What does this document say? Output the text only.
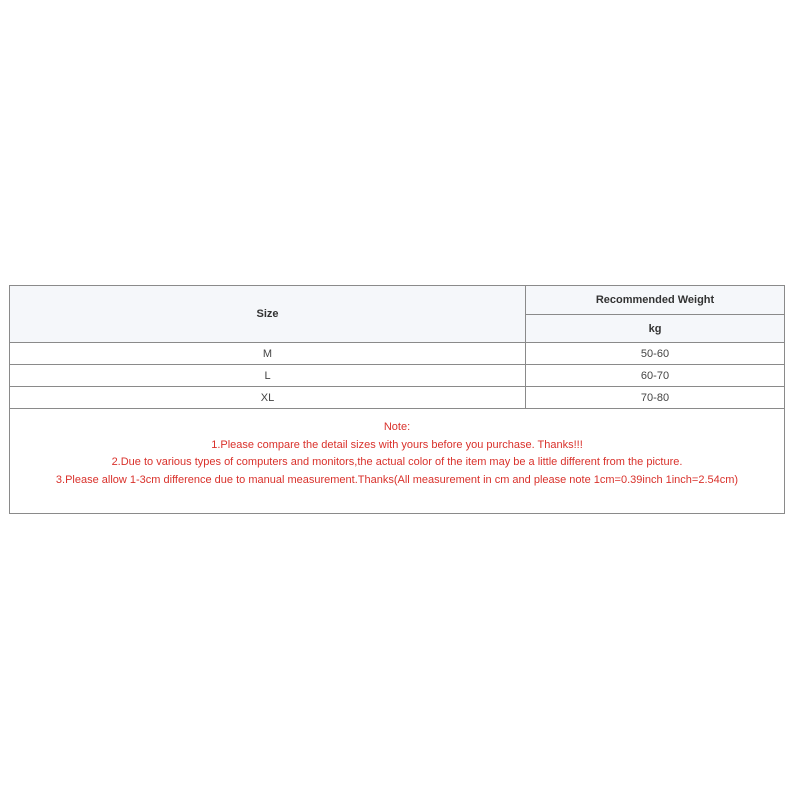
Size	Recommended Weight
	kg
M	50-60
L	60-70
XL	70-80

Note:
1.Please compare the detail sizes with yours before you purchase. Thanks!!!
2.Due to various types of computers and monitors,the actual color of the item may be a little different from the picture.
3.Please allow 1-3cm difference due to manual measurement.Thanks(All measurement in cm and please note 1cm=0.39inch 1inch=2.54cm)	
